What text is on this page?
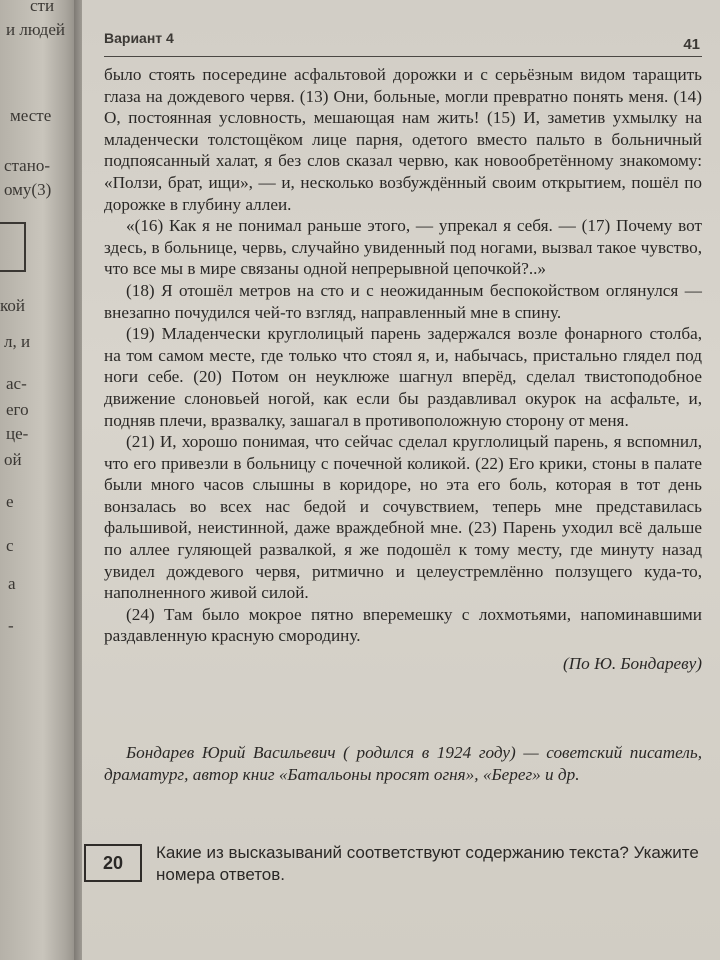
сти
и людей
месте
стано-
ому(3)
кой
л, и
ас-
его
це-
ой
е
с
а
-
Вариант 4	41

было стоять посередине асфальтовой дорожки и с серьёзным видом таращить глаза на дождевого червя. (13) Они, больные, могли превратно понять меня. (14) О, постоянная условность, мешающая нам жить! (15) И, заметив ухмылку на младенчески толстощёком лице парня, одетого вместо пальто в больничный подпоясанный халат, я без слов сказал червю, как новообретённому знакомому: «Ползи, брат, ищи», — и, несколько возбуждённый своим открытием, пошёл по дорожке в глубину аллеи.

«(16) Как я не понимал раньше этого, — упрекал я себя. — (17) Почему вот здесь, в больнице, червь, случайно увиденный под ногами, вызвал такое чувство, что все мы в мире связаны одной непрерывной цепочкой?..»

(18) Я отошёл метров на сто и с неожиданным беспокойством оглянулся — внезапно почудился чей-то взгляд, направленный мне в спину.

(19) Младенчески круглолицый парень задержался возле фонарного столба, на том самом месте, где только что стоял я, и, набычась, пристально глядел под ноги себе. (20) Потом он неуклюже шагнул вперёд, сделал твистоподобное движение слоновьей ногой, как если бы раздавливал окурок на асфальте, и, подняв плечи, вразвалку, зашагал в противоположную сторону от меня.

(21) И, хорошо понимая, что сейчас сделал круглолицый парень, я вспомнил, что его привезли в больницу с почечной коликой. (22) Его крики, стоны в палате были много часов слышны в коридоре, но эта его боль, которая в тот день вонзалась во всех нас бедой и сочувствием, теперь мне представилась фальшивой, неистинной, даже враждебной мне. (23) Парень уходил всё дальше по аллее гуляющей развалкой, я же подошёл к тому месту, где минуту назад увидел дождевого червя, ритмично и целеустремлённо ползущего куда-то, наполненного живой силой.

(24) Там было мокрое пятно вперемешку с лохмотьями, напоминавшими раздавленную красную смородину.

(По Ю. Бондареву)

Бондарев Юрий Васильевич ( родился в 1924 году) — советский писатель, драматург, автор книг «Батальоны просят огня», «Берег» и др.

20	Какие из высказываний соответствуют содержанию текста? Укажите номера ответов.
